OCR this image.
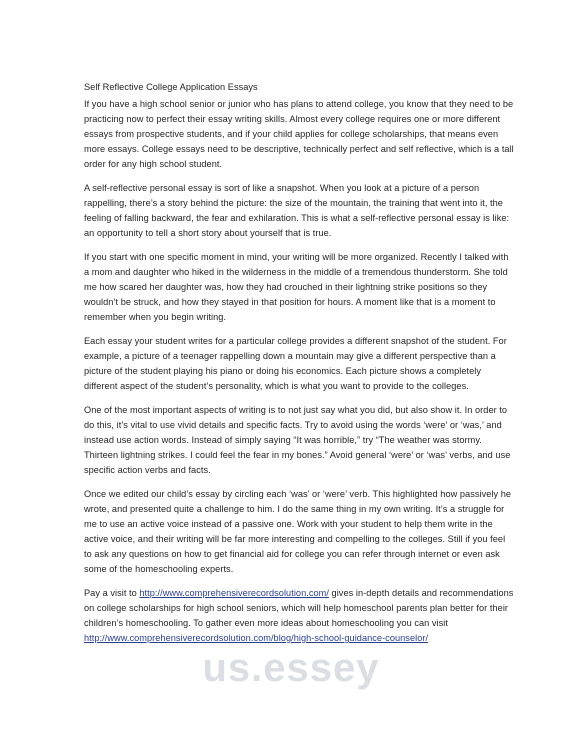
Self Reflective College Application Essays

If you have a high school senior or junior who has plans to attend college, you know that they need to be practicing now to perfect their essay writing skills. Almost every college requires one or more different essays from prospective students, and if your child applies for college scholarships, that means even more essays. College essays need to be descriptive, technically perfect and self reflective, which is a tall order for any high school student.

A self-reflective personal essay is sort of like a snapshot. When you look at a picture of a person rappelling, there’s a story behind the picture: the size of the mountain, the training that went into it, the feeling of falling backward, the fear and exhilaration. This is what a self-reflective personal essay is like: an opportunity to tell a short story about yourself that is true.

If you start with one specific moment in mind, your writing will be more organized. Recently I talked with a mom and daughter who hiked in the wilderness in the middle of a tremendous thunderstorm. She told me how scared her daughter was, how they had crouched in their lightning strike positions so they wouldn’t be struck, and how they stayed in that position for hours. A moment like that is a moment to remember when you begin writing.

Each essay your student writes for a particular college provides a different snapshot of the student. For example, a picture of a teenager rappelling down a mountain may give a different perspective than a picture of the student playing his piano or doing his economics. Each picture shows a completely different aspect of the student’s personality, which is what you want to provide to the colleges.

One of the most important aspects of writing is to not just say what you did, but also show it. In order to do this, it’s vital to use vivid details and specific facts. Try to avoid using the words ‘were’ or ‘was,’ and instead use action words. Instead of simply saying “It was horrible,” try “The weather was stormy. Thirteen lightning strikes. I could feel the fear in my bones.” Avoid general ‘were’ or ‘was’ verbs, and use specific action verbs and facts.

Once we edited our child’s essay by circling each ‘was’ or ‘were’ verb. This highlighted how passively he wrote, and presented quite a challenge to him. I do the same thing in my own writing. It’s a struggle for me to use an active voice instead of a passive one. Work with your student to help them write in the active voice, and their writing will be far more interesting and compelling to the colleges. Still if you feel to ask any questions on how to get financial aid for college you can refer through internet or even ask some of the homeschooling experts.

Pay a visit to http://www.comprehensiverecordsolution.com/ gives in-depth details and recommendations on college scholarships for high school seniors, which will help homeschool parents plan better for their children’s homeschooling. To gather even more ideas about homeschooling you can visit http://www.comprehensiverecordsolution.com/blog/high-school-guidance-counselor/

us.essey
